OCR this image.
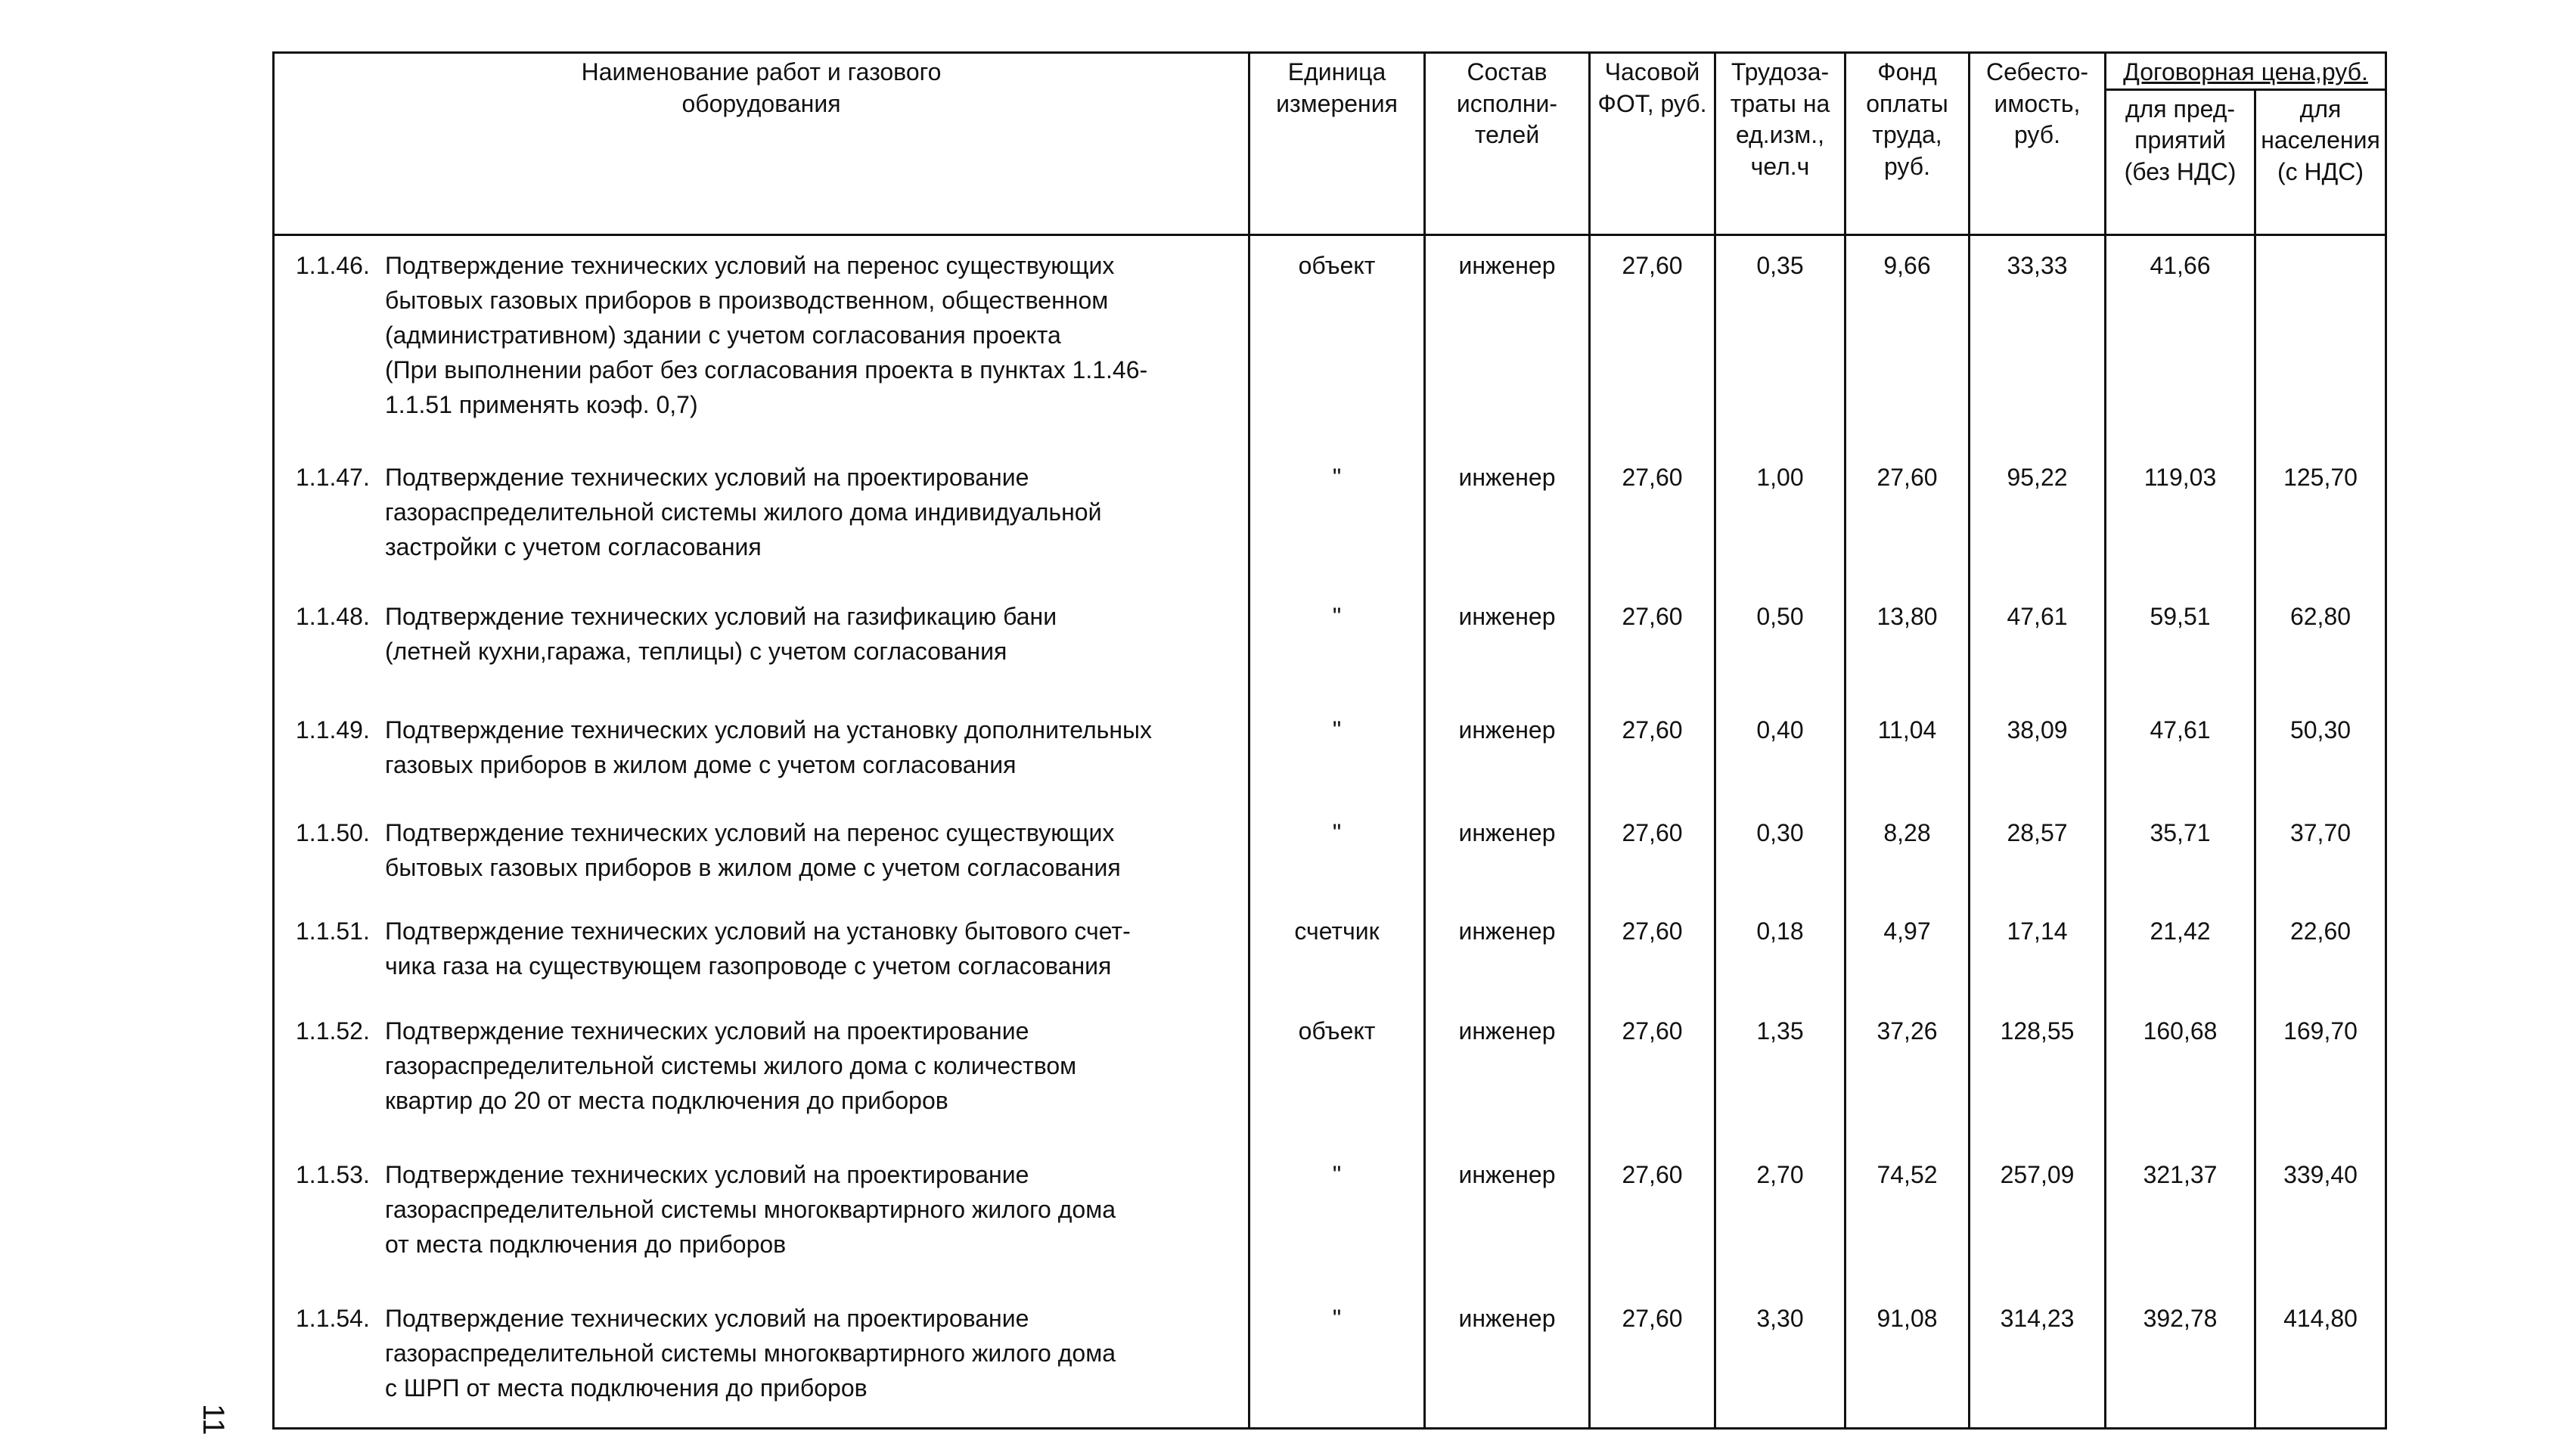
Наименование работ и газового оборудования	Единица измерения	Состав исполни- телей	Часовой ФОТ, руб.	Трудоза- траты на ед.изм., чел.ч	Фонд оплаты труда, руб.	Себесто- имость, руб.	Договорная цена,руб.	
							для пред- приятий (без НДС)	для населения (с НДС)

1.1.46. Подтверждение технических условий на перенос существующих
бытовых газовых приборов в производственном, общественном
(административном) здании с учетом согласования проекта
(При выполнении работ без согласования проекта в пунктах 1.1.46-
1.1.51 применять коэф. 0,7)	объект	инженер	27,60	0,35	9,66	33,33	41,66	

1.1.47. Подтверждение технических условий на проектирование
газораспределительной системы жилого дома индивидуальной
застройки с учетом согласования	"	инженер	27,60	1,00	27,60	95,22	119,03	125,70

1.1.48. Подтверждение технических условий на газификацию бани
(летней кухни,гаража, теплицы) с учетом согласования	"	инженер	27,60	0,50	13,80	47,61	59,51	62,80

1.1.49. Подтверждение технических условий на установку дополнительных
газовых приборов в жилом доме с учетом согласования	"	инженер	27,60	0,40	11,04	38,09	47,61	50,30

1.1.50. Подтверждение технических условий на перенос существующих
бытовых газовых приборов в жилом доме с учетом согласования	"	инженер	27,60	0,30	8,28	28,57	35,71	37,70

1.1.51. Подтверждение технических условий на установку бытового счет-
чика газа на существующем газопроводе с учетом согласования	счетчик	инженер	27,60	0,18	4,97	17,14	21,42	22,60

1.1.52. Подтверждение технических условий на проектирование
газораспределительной системы жилого дома с количеством
квартир до 20 от места подключения до приборов	объект	инженер	27,60	1,35	37,26	128,55	160,68	169,70

1.1.53. Подтверждение технических условий на проектирование
газораспределительной системы многоквартирного жилого дома
от места подключения до приборов	"	инженер	27,60	2,70	74,52	257,09	321,37	339,40

1.1.54. Подтверждение технических условий на проектирование
газораспределительной системы многоквартирного жилого дома
с ШРП от места подключения до приборов	"	инженер	27,60	3,30	91,08	314,23	392,78	414,80
11
